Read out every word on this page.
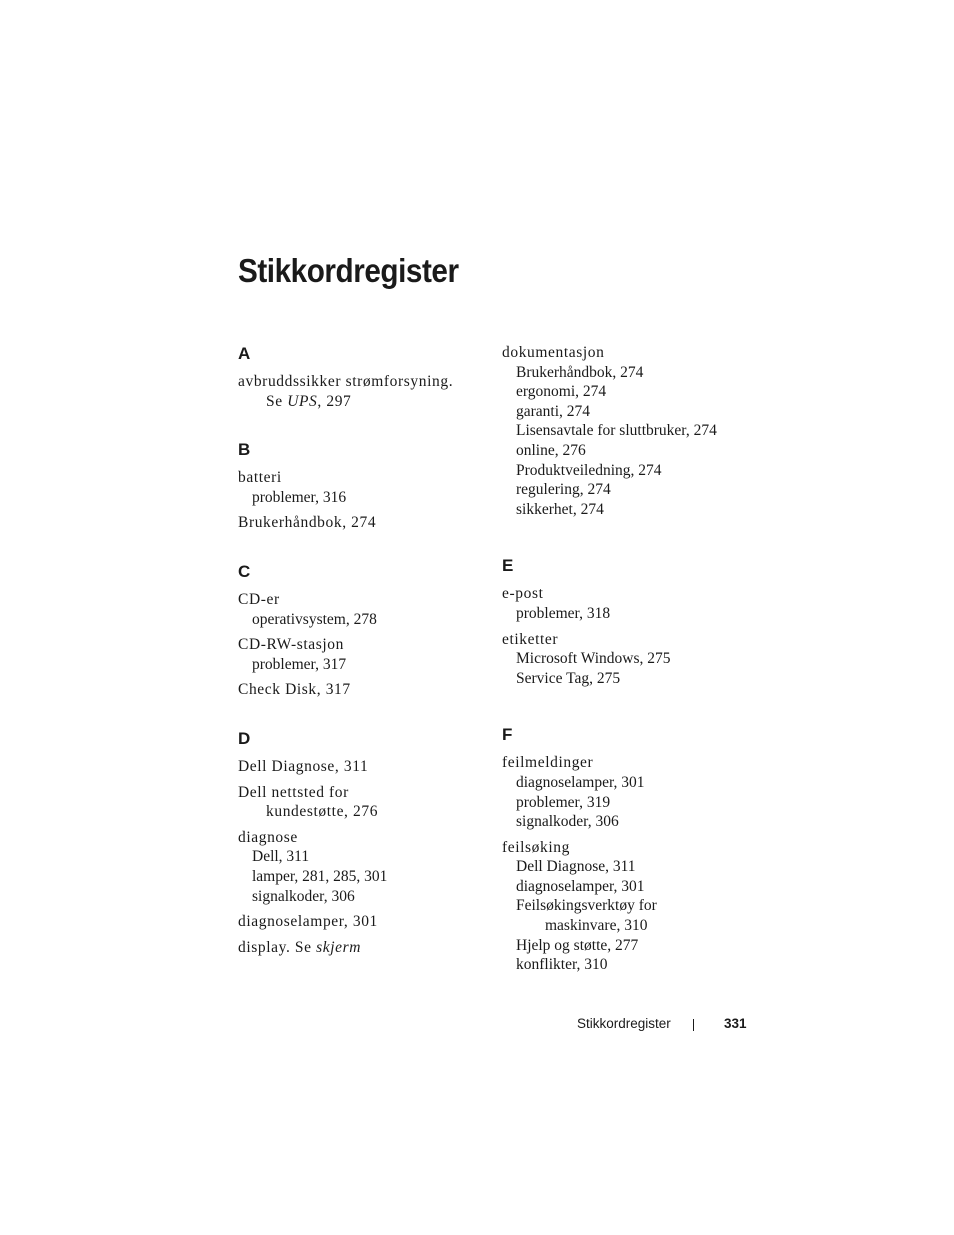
Stikkordregister

A

avbruddssikker strømforsyning.
Se UPS, 297

B

batteri
problemer, 316
Brukerhåndbok, 274

C

CD-er
operativsystem, 278
CD-RW-stasjon
problemer, 317
Check Disk, 317

D

Dell Diagnose, 311
Dell nettsted for
kundestøtte, 276
diagnose
Dell, 311
lamper, 281, 285, 301
signalkoder, 306
diagnoselamper, 301
display. Se skjerm
dokumentasjon
Brukerhåndbok, 274
ergonomi, 274
garanti, 274
Lisensavtale for sluttbruker, 274
online, 276
Produktveiledning, 274
regulering, 274
sikkerhet, 274

E

e-post
problemer, 318
etiketter
Microsoft Windows, 275
Service Tag, 275

F

feilmeldinger
diagnoselamper, 301
problemer, 319
signalkoder, 306
feilsøking
Dell Diagnose, 311
diagnoselamper, 301
Feilsøkingsverktøy for maskinvare, 310
Hjelp og støtte, 277
konflikter, 310
Stikkordregister	331
